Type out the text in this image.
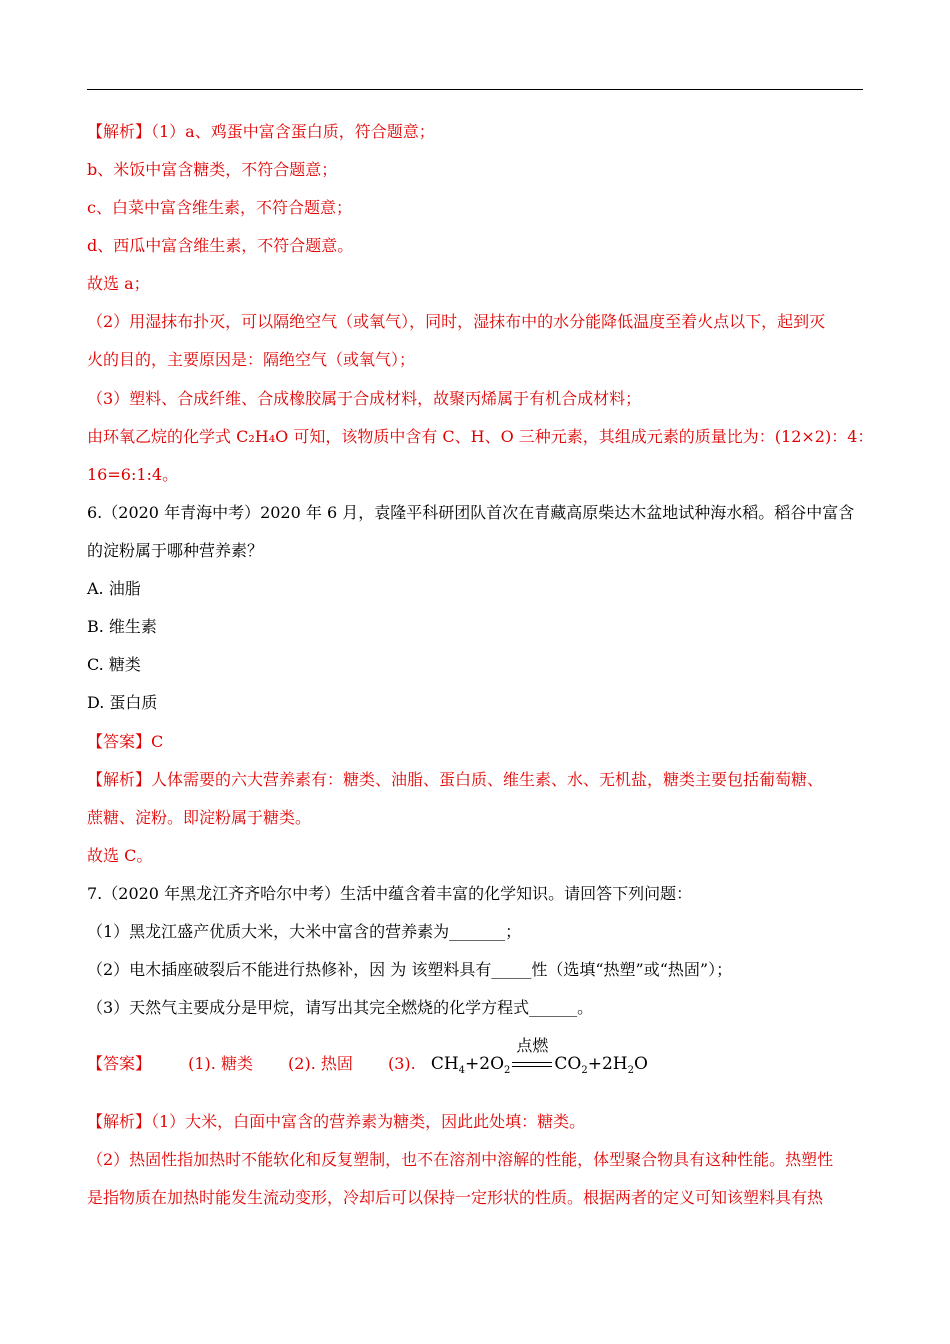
【解析】（1）a、鸡蛋中富含蛋白质，符合题意；
b、米饭中富含糖类，不符合题意；
c、白菜中富含维生素，不符合题意；
d、西瓜中富含维生素，不符合题意。
故选 a；
（2）用湿抹布扑灭，可以隔绝空气（或氧气），同时，湿抹布中的水分能降低温度至着火点以下，起到灭
火的目的，主要原因是：隔绝空气（或氧气）；
（3）塑料、合成纤维、合成橡胶属于合成材料，故聚丙烯属于有机合成材料；
由环氧乙烷的化学式 C₂H₄O 可知，该物质中含有 C、H、O 三种元素，其组成元素的质量比为：(12×2)：4：
16=6:1:4。
6.（2020 年青海中考）2020 年 6 月，袁隆平科研团队首次在青藏高原柴达木盆地试种海水稻。稻谷中富含
的淀粉属于哪种营养素？
A. 油脂
B. 维生素
C. 糖类
D. 蛋白质
【答案】C
【解析】人体需要的六大营养素有：糖类、油脂、蛋白质、维生素、水、无机盐，糖类主要包括葡萄糖、
蔗糖、淀粉。即淀粉属于糖类。
故选 C。
7.（2020 年黑龙江齐齐哈尔中考）生活中蕴含着丰富的化学知识。请回答下列问题：
（1）黑龙江盛产优质大米，大米中富含的营养素为_______；
（2）电木插座破裂后不能进行热修补，因 为 该塑料具有_____性（选填“热塑”或“热固”）；
（3）天然气主要成分是甲烷，请写出其完全燃烧的化学方程式______。
【答案】 (1). 糖类 (2). 热固 (3). $CH_4+2O_2$
点燃
$CO_2+2H_2O$
【解析】（1）大米，白面中富含的营养素为糖类，因此此处填：糖类。
（2）热固性指加热时不能软化和反复塑制，也不在溶剂中溶解的性能，体型聚合物具有这种性能。热塑性
是指物质在加热时能发生流动变形，冷却后可以保持一定形状的性质。根据两者的定义可知该塑料具有热
